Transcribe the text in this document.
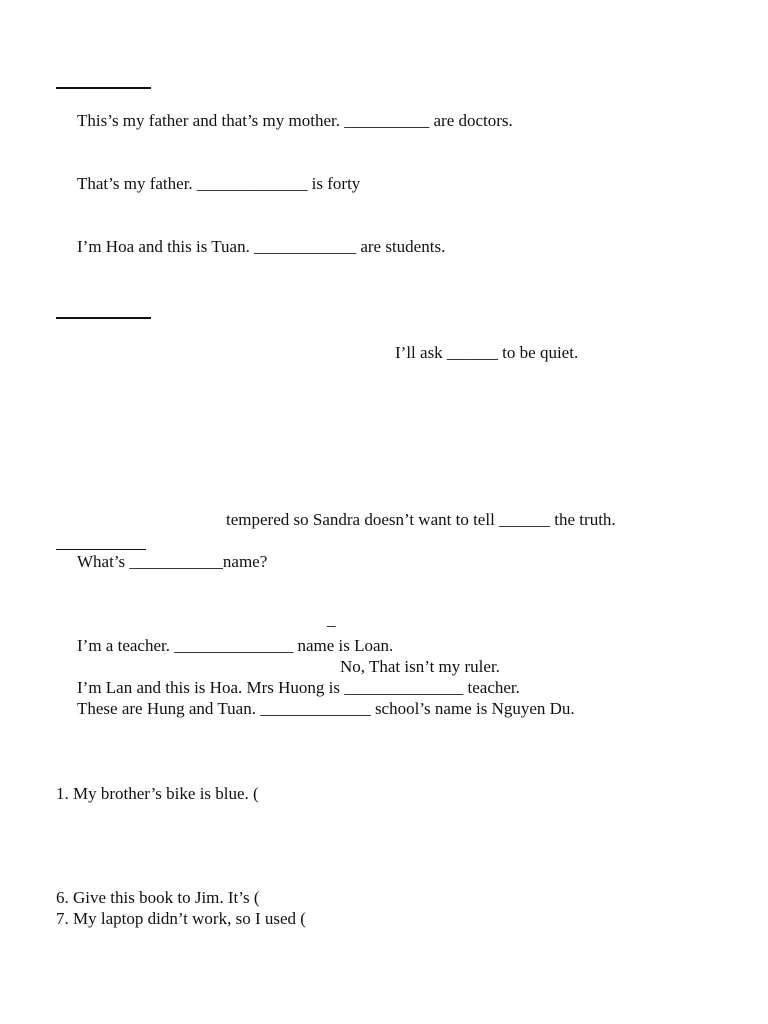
This’s my father and that’s my mother. __________ are doctors.
That’s my father. _____________ is forty
I’m Hoa and this is Tuan. ____________ are students.
I’ll ask ______ to be quiet.
tempered so Sandra doesn’t want to tell ______ the truth.
What’s ___________name?
_
I’m a teacher. ______________ name is Loan.
No, That isn’t my ruler.
I’m Lan and this is Hoa. Mrs Huong is ______________ teacher.
These are Hung and Tuan. _____________ school’s name is Nguyen Du.
1. My brother’s bike is blue. (
6. Give this book to Jim. It’s (
7. My laptop didn’t work, so I used (
